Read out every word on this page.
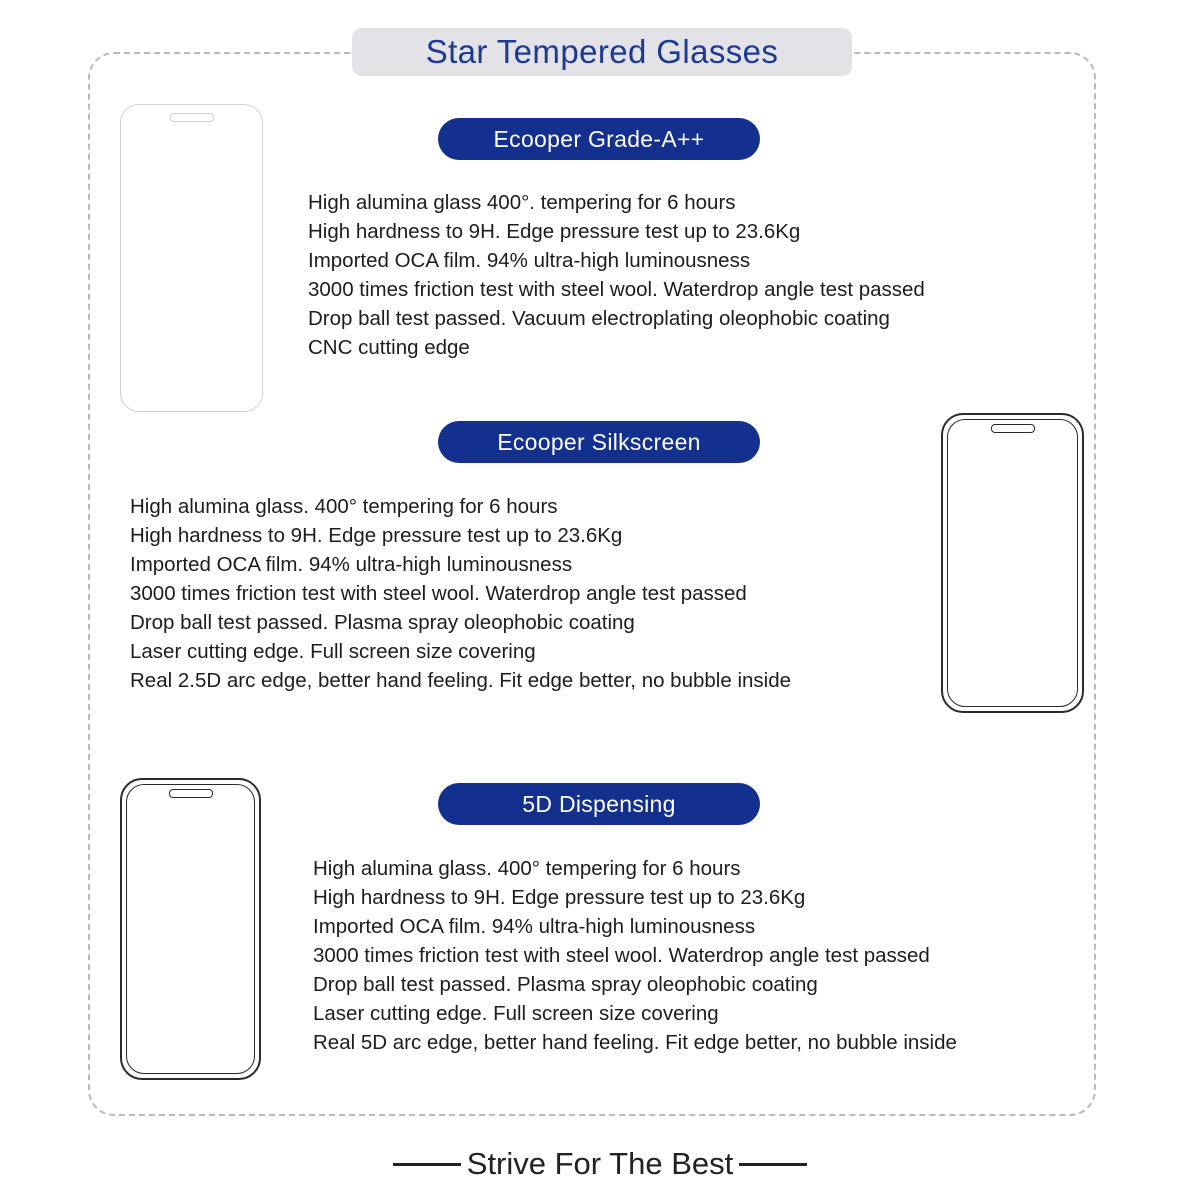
Star Tempered Glasses
Ecooper Grade-A++
High alumina glass 400°. tempering for 6 hours
High hardness to 9H. Edge pressure test up to 23.6Kg
Imported OCA film. 94% ultra-high luminousness
3000 times friction test with steel wool. Waterdrop angle test passed
Drop ball test passed. Vacuum electroplating oleophobic coating
CNC cutting edge
Ecooper Silkscreen
High alumina glass. 400° tempering for 6 hours
High hardness to 9H. Edge pressure test up to 23.6Kg
Imported OCA film. 94% ultra-high luminousness
3000 times friction test with steel wool. Waterdrop angle test passed
Drop ball test passed. Plasma spray oleophobic coating
Laser cutting edge. Full screen size covering
Real 2.5D arc edge, better hand feeling. Fit edge better, no bubble inside
5D Dispensing
High alumina glass. 400° tempering for 6 hours
High hardness to 9H. Edge pressure test up to 23.6Kg
Imported OCA film. 94% ultra-high luminousness
3000 times friction test with steel wool. Waterdrop angle test passed
Drop ball test passed. Plasma spray oleophobic coating
Laser cutting edge. Full screen size covering
Real 5D arc edge, better hand feeling. Fit edge better, no bubble inside
Strive For The Best
